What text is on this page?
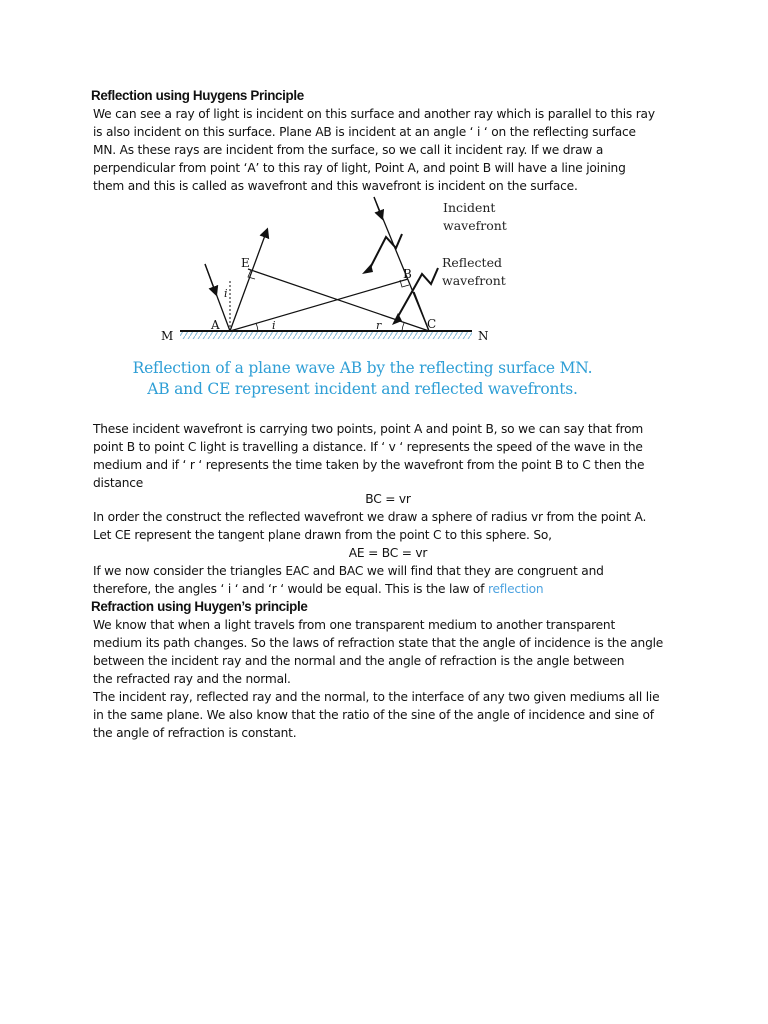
Reflection using Huygens Principle
We can see a ray of light is incident on this surface and another ray which is parallel to this ray
is also incident on this surface. Plane AB is incident at an angle ‘ i ‘ on the reflecting surface
MN. As these rays are incident from the surface, so we call it incident ray. If we draw a
perpendicular from point ‘A’ to this ray of light, Point A, and point B will have a line joining
them and this is called as wavefront and this wavefront is incident on the surface.
Incident
wavefront
Reflected
wavefront
M	N
A	C
B
E
i
i	r
Reflection of a plane wave AB by the reflecting surface MN.
AB and CE represent incident and reflected wavefronts.
These incident wavefront is carrying two points, point A and point B, so we can say that from
point B to point C light is travelling a distance. If ‘ v ‘ represents the speed of the wave in the
medium and if ‘ r ‘ represents the time taken by the wavefront from the point B to C then the
distance
BC = vr
In order the construct the reflected wavefront we draw a sphere of radius vr from the point A.
Let CE represent the tangent plane drawn from the point C to this sphere. So,
AE = BC = vr
If we now consider the triangles EAC and BAC we will find that they are congruent and
therefore, the angles ‘ i ‘ and ‘r ‘ would be equal. This is the law of reflection
Refraction using Huygen’s principle
We know that when a light travels from one transparent medium to another transparent
medium its path changes. So the laws of refraction state that the angle of incidence is the angle
between the incident ray and the normal and the angle of refraction is the angle between
the refracted ray and the normal.
The incident ray, reflected ray and the normal, to the interface of any two given mediums all lie
in the same plane. We also know that the ratio of the sine of the angle of incidence and sine of
the angle of refraction is constant.
